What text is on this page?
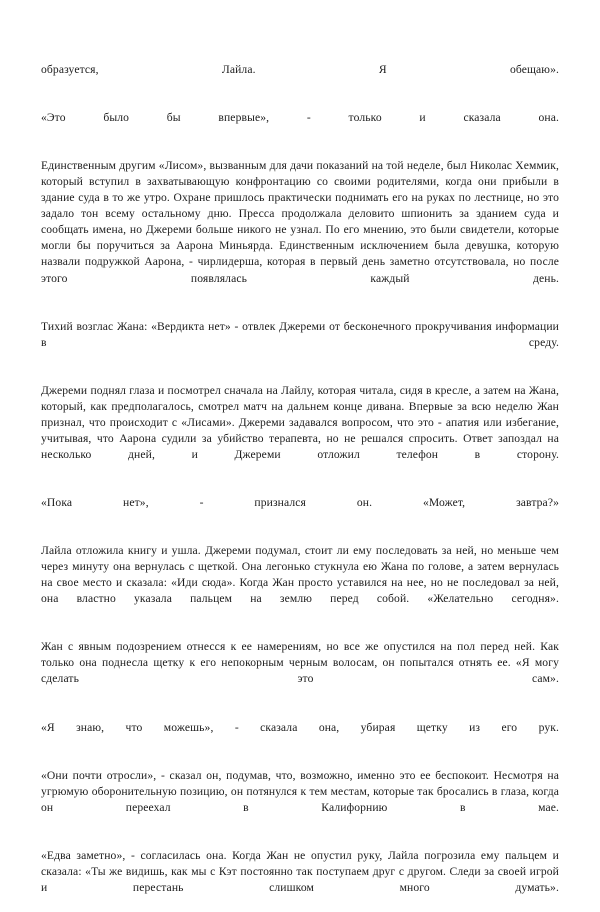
образуется, Лайла. Я обещаю».

«Это было бы впервые», - только и сказала она.

Единственным другим «Лисом», вызванным для дачи показаний на той неделе, был Николас Хеммик, который вступил в захватывающую конфронтацию со своими родителями, когда они прибыли в здание суда в то же утро. Охране пришлось практически поднимать его на руках по лестнице, но это задало тон всему остальному дню. Пресса продолжала деловито шпионить за зданием суда и сообщать имена, но Джереми больше никого не узнал. По его мнению, это были свидетели, которые могли бы поручиться за Аарона Миньярда. Единственным исключением была девушка, которую назвали подружкой Аарона, - чирлидерша, которая в первый день заметно отсутствовала, но после этого появлялась каждый день.

Тихий возглас Жана: «Вердикта нет» - отвлек Джереми от бесконечного прокручивания информации в среду.

Джереми поднял глаза и посмотрел сначала на Лайлу, которая читала, сидя в кресле, а затем на Жана, который, как предполагалось, смотрел матч на дальнем конце дивана. Впервые за всю неделю Жан признал, что происходит с «Лисами». Джереми задавался вопросом, что это - апатия или избегание, учитывая, что Аарона судили за убийство терапевта, но не решался спросить. Ответ запоздал на несколько дней, и Джереми отложил телефон в сторону.

«Пока нет», - признался он. «Может, завтра?»

Лайла отложила книгу и ушла. Джереми подумал, стоит ли ему последовать за ней, но меньше чем через минуту она вернулась с щеткой. Она легонько стукнула ею Жана по голове, а затем вернулась на свое место и сказала: «Иди сюда». Когда Жан просто уставился на нее, но не последовал за ней, она властно указала пальцем на землю перед собой. «Желательно сегодня».

Жан с явным подозрением отнесся к ее намерениям, но все же опустился на пол перед ней. Как только она поднесла щетку к его непокорным черным волосам, он попытался отнять ее. «Я могу сделать это сам».

«Я знаю, что можешь», - сказала она, убирая щетку из его рук.

«Они почти отросли», - сказал он, подумав, что, возможно, именно это ее беспокоит. Несмотря на угрюмую оборонительную позицию, он потянулся к тем местам, которые так бросались в глаза, когда он переехал в Калифорнию в мае.

«Едва заметно», - согласилась она. Когда Жан не опустил руку, Лайла погрозила ему пальцем и сказала: «Ты же видишь, как мы с Кэт постоянно так поступаем друг с другом. Следи за своей игрой и перестань слишком много думать».
